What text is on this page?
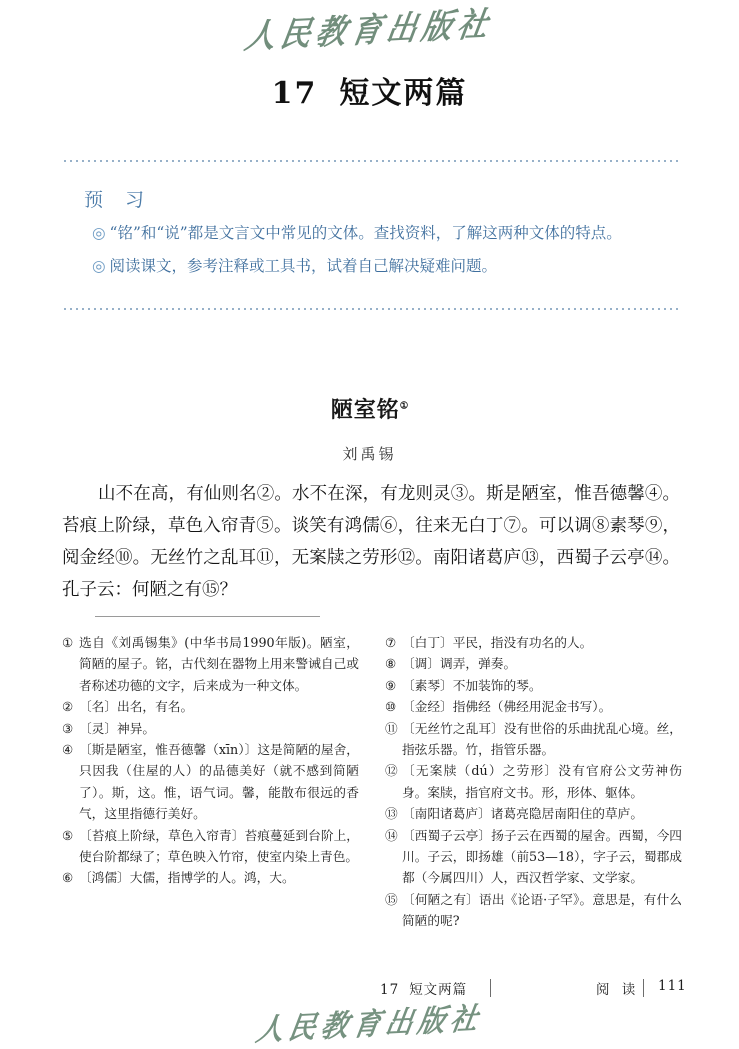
人民教育出版社
17 短文两篇
预 习

◎ “铭”和“说”都是文言文中常见的文体。查找资料，了解这两种文体的特点。

◎ 阅读课文，参考注释或工具书，试着自己解决疑难问题。

陋室铭①
刘禹锡
山不在高，有仙则名②。水不在深，有龙则灵③。斯是陋室，惟吾德馨④。苔痕上阶绿，草色入帘青⑤。谈笑有鸿儒⑥，往来无白丁⑦。可以调⑧素琴⑨，阅金经⑩。无丝竹之乱耳⑪，无案牍之劳形⑫。南阳诸葛庐⑬，西蜀子云亭⑭。孔子云：何陋之有⑮？
① 选自《刘禹锡集》(中华书局1990年版)。陋室，简陋的屋子。铭，古代刻在器物上用来警诫自己或者称述功德的文字，后来成为一种文体。
② 〔名〕出名，有名。
③ 〔灵〕神异。
④ 〔斯是陋室，惟吾德馨（xīn）〕这是简陋的屋舍，只因我（住屋的人）的品德美好（就不感到简陋了）。斯，这。惟，语气词。馨，能散布很远的香气，这里指德行美好。
⑤ 〔苔痕上阶绿，草色入帘青〕苔痕蔓延到台阶上，使台阶都绿了；草色映入竹帘，使室内染上青色。
⑥ 〔鸿儒〕大儒，指博学的人。鸿，大。
⑦ 〔白丁〕平民，指没有功名的人。
⑧ 〔调〕调弄，弹奏。
⑨ 〔素琴〕不加装饰的琴。
⑩ 〔金经〕指佛经（佛经用泥金书写）。
⑪ 〔无丝竹之乱耳〕没有世俗的乐曲扰乱心境。丝，指弦乐器。竹，指管乐器。
⑫ 〔无案牍（dú）之劳形〕没有官府公文劳神伤身。案牍，指官府文书。形，形体、躯体。
⑬ 〔南阳诸葛庐〕诸葛亮隐居南阳住的草庐。
⑭ 〔西蜀子云亭〕扬子云在西蜀的屋舍。西蜀，今四川。子云，即扬雄（前53—18），字子云，蜀郡成都（今属四川）人，西汉哲学家、文学家。
⑮ 〔何陋之有〕语出《论语·子罕》。意思是，有什么简陋的呢?
17 短文两篇	阅 读 111
人民教育出版社
